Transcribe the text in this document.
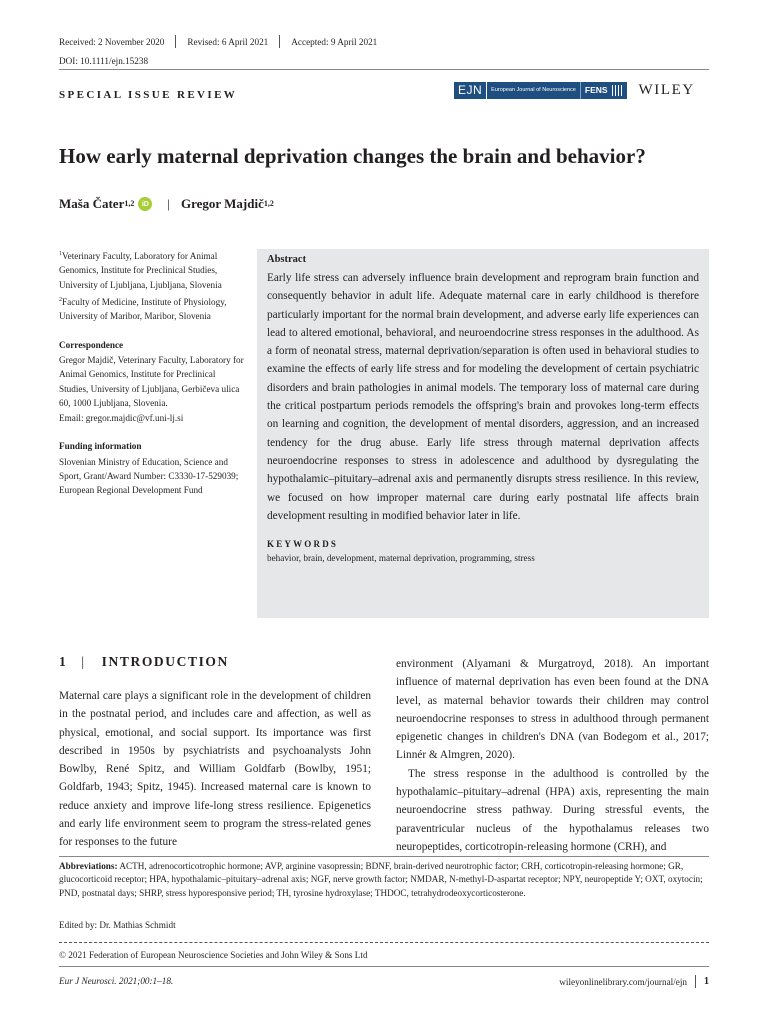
Received: 2 November 2020	Revised: 6 April 2021	Accepted: 9 April 2021
DOI: 10.1111/ejn.15238
SPECIAL ISSUE REVIEW	EJN	European Journal of Neuroscience	FENS WILEY
How early maternal deprivation changes the brain and behavior?
Maša Čater$^{1,2}$	iD | Gregor Majdič$^{1,2}$

$^1$Veterinary Faculty, Laboratory for Animal Genomics, Institute for Preclinical Studies, University of Ljubljana, Ljubljana, Slovenia

$^2$Faculty of Medicine, Institute of Physiology, University of Maribor, Maribor, Slovenia

Correspondence

Gregor Majdič, Veterinary Faculty, Laboratory for Animal Genomics, Institute for Preclinical Studies, University of Ljubljana, Gerbičeva ulica 60, 1000 Ljubljana, Slovenia.

Email: gregor.majdic@vf.uni-lj.si

Funding information

Slovenian Ministry of Education, Science and Sport, Grant/Award Number: C3330-17-529039; European Regional Development Fund

Abstract
Early life stress can adversely influence brain development and reprogram brain function and consequently behavior in adult life. Adequate maternal care in early childhood is therefore particularly important for the normal brain development, and adverse early life experiences can lead to altered emotional, behavioral, and neuroendocrine stress responses in the adulthood. As a form of neonatal stress, maternal deprivation/separation is often used in behavioral studies to examine the effects of early life stress and for modeling the development of certain psychiatric disorders and brain pathologies in animal models. The temporary loss of maternal care during the critical postpartum periods remodels the offspring's brain and provokes long-term effects on learning and cognition, the development of mental disorders, aggression, and an increased tendency for the drug abuse. Early life stress through maternal deprivation affects neuroendocrine responses to stress in adolescence and adulthood by dysregulating the hypothalamic–pituitary–adrenal axis and permanently disrupts stress resilience. In this review, we focused on how improper maternal care during early postnatal life affects brain development resulting in modified behavior later in life.
KEYWORDS
behavior, brain, development, maternal deprivation, programming, stress
1 | INTRODUCTION

Maternal care plays a significant role in the development of children in the postnatal period, and includes care and affection, as well as physical, emotional, and social support. Its importance was first described in 1950s by psychiatrists and psychoanalysts John Bowlby, René Spitz, and William Goldfarb (Bowlby, 1951; Goldfarb, 1943; Spitz, 1945). Increased maternal care is known to reduce anxiety and improve life-long stress resilience. Epigenetics and early life environment seem to program the stress-related genes for responses to the future

environment (Alyamani & Murgatroyd, 2018). An important influence of maternal deprivation has even been found at the DNA level, as maternal behavior towards their children may control neuroendocrine responses to stress in adulthood through permanent epigenetic changes in children's DNA (van Bodegom et al., 2017; Linnér & Almgren, 2020).

The stress response in the adulthood is controlled by the hypothalamic–pituitary–adrenal (HPA) axis, representing the main neuroendocrine stress pathway. During stressful events, the paraventricular nucleus of the hypothalamus releases two neuropeptides, corticotropin-releasing hormone (CRH), and

Abbreviations: ACTH, adrenocorticotrophic hormone; AVP, arginine vasopressin; BDNF, brain-derived neurotrophic factor; CRH, corticotropin-releasing hormone; GR, glucocorticoid receptor; HPA, hypothalamic–pituitary–adrenal axis; NGF, nerve growth factor; NMDAR, N-methyl-D-aspartat receptor; NPY, neuropeptide Y; OXT, oxytocin; PND, postnatal days; SHRP, stress hyporesponsive period; TH, tyrosine hydroxylase; THDOC, tetrahydrodeoxycorticosterone.
Edited by: Dr. Mathias Schmidt
© 2021 Federation of European Neuroscience Societies and John Wiley & Sons Ltd
Eur J Neurosci. 2021;00:1–18.	wileyonlinelibrary.com/journal/ejn 1
